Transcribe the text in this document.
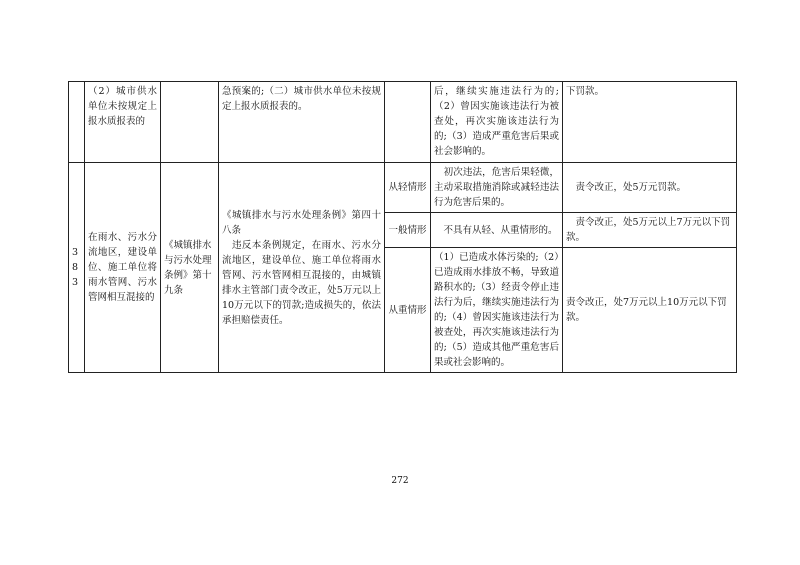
	（2）城市供水单位未按规定上报水质报表的		急预案的;（二）城市供水单位未按规定上报水质报表的。		后，继续实施违法行为的;（2）曾因实施该违法行为被查处，再次实施该违法行为的;（3）造成严重危害后果或社会影响的。	下罚款。
383	在雨水、污水分流地区，建设单位、施工单位将雨水管网、污水管网相互混接的	《城镇排水与污水处理条例》第十九条	《城镇排水与污水处理条例》第四十八条
　违反本条例规定，在雨水、污水分流地区，建设单位、施工单位将雨水管网、污水管网相互混接的，由城镇排水主管部门责令改正，处5万元以上10万元以下的罚款;造成损失的，依法承担赔偿责任。	从轻情形	　初次违法，危害后果轻微，主动采取措施消除或减轻违法行为危害后果的。	　责令改正，处5万元罚款。
				一般情形	　不具有从轻、从重情形的。	　责令改正，处5万元以上7万元以下罚款。
				从重情形	（1）已造成水体污染的;（2）已造成雨水排放不畅，导致道路积水的;（3）经责令停止违法行为后，继续实施违法行为的;（4）曾因实施该违法行为被查处，再次实施该违法行为的;（5）造成其他严重危害后果或社会影响的。	责令改正，处7万元以上10万元以下罚款。
272
